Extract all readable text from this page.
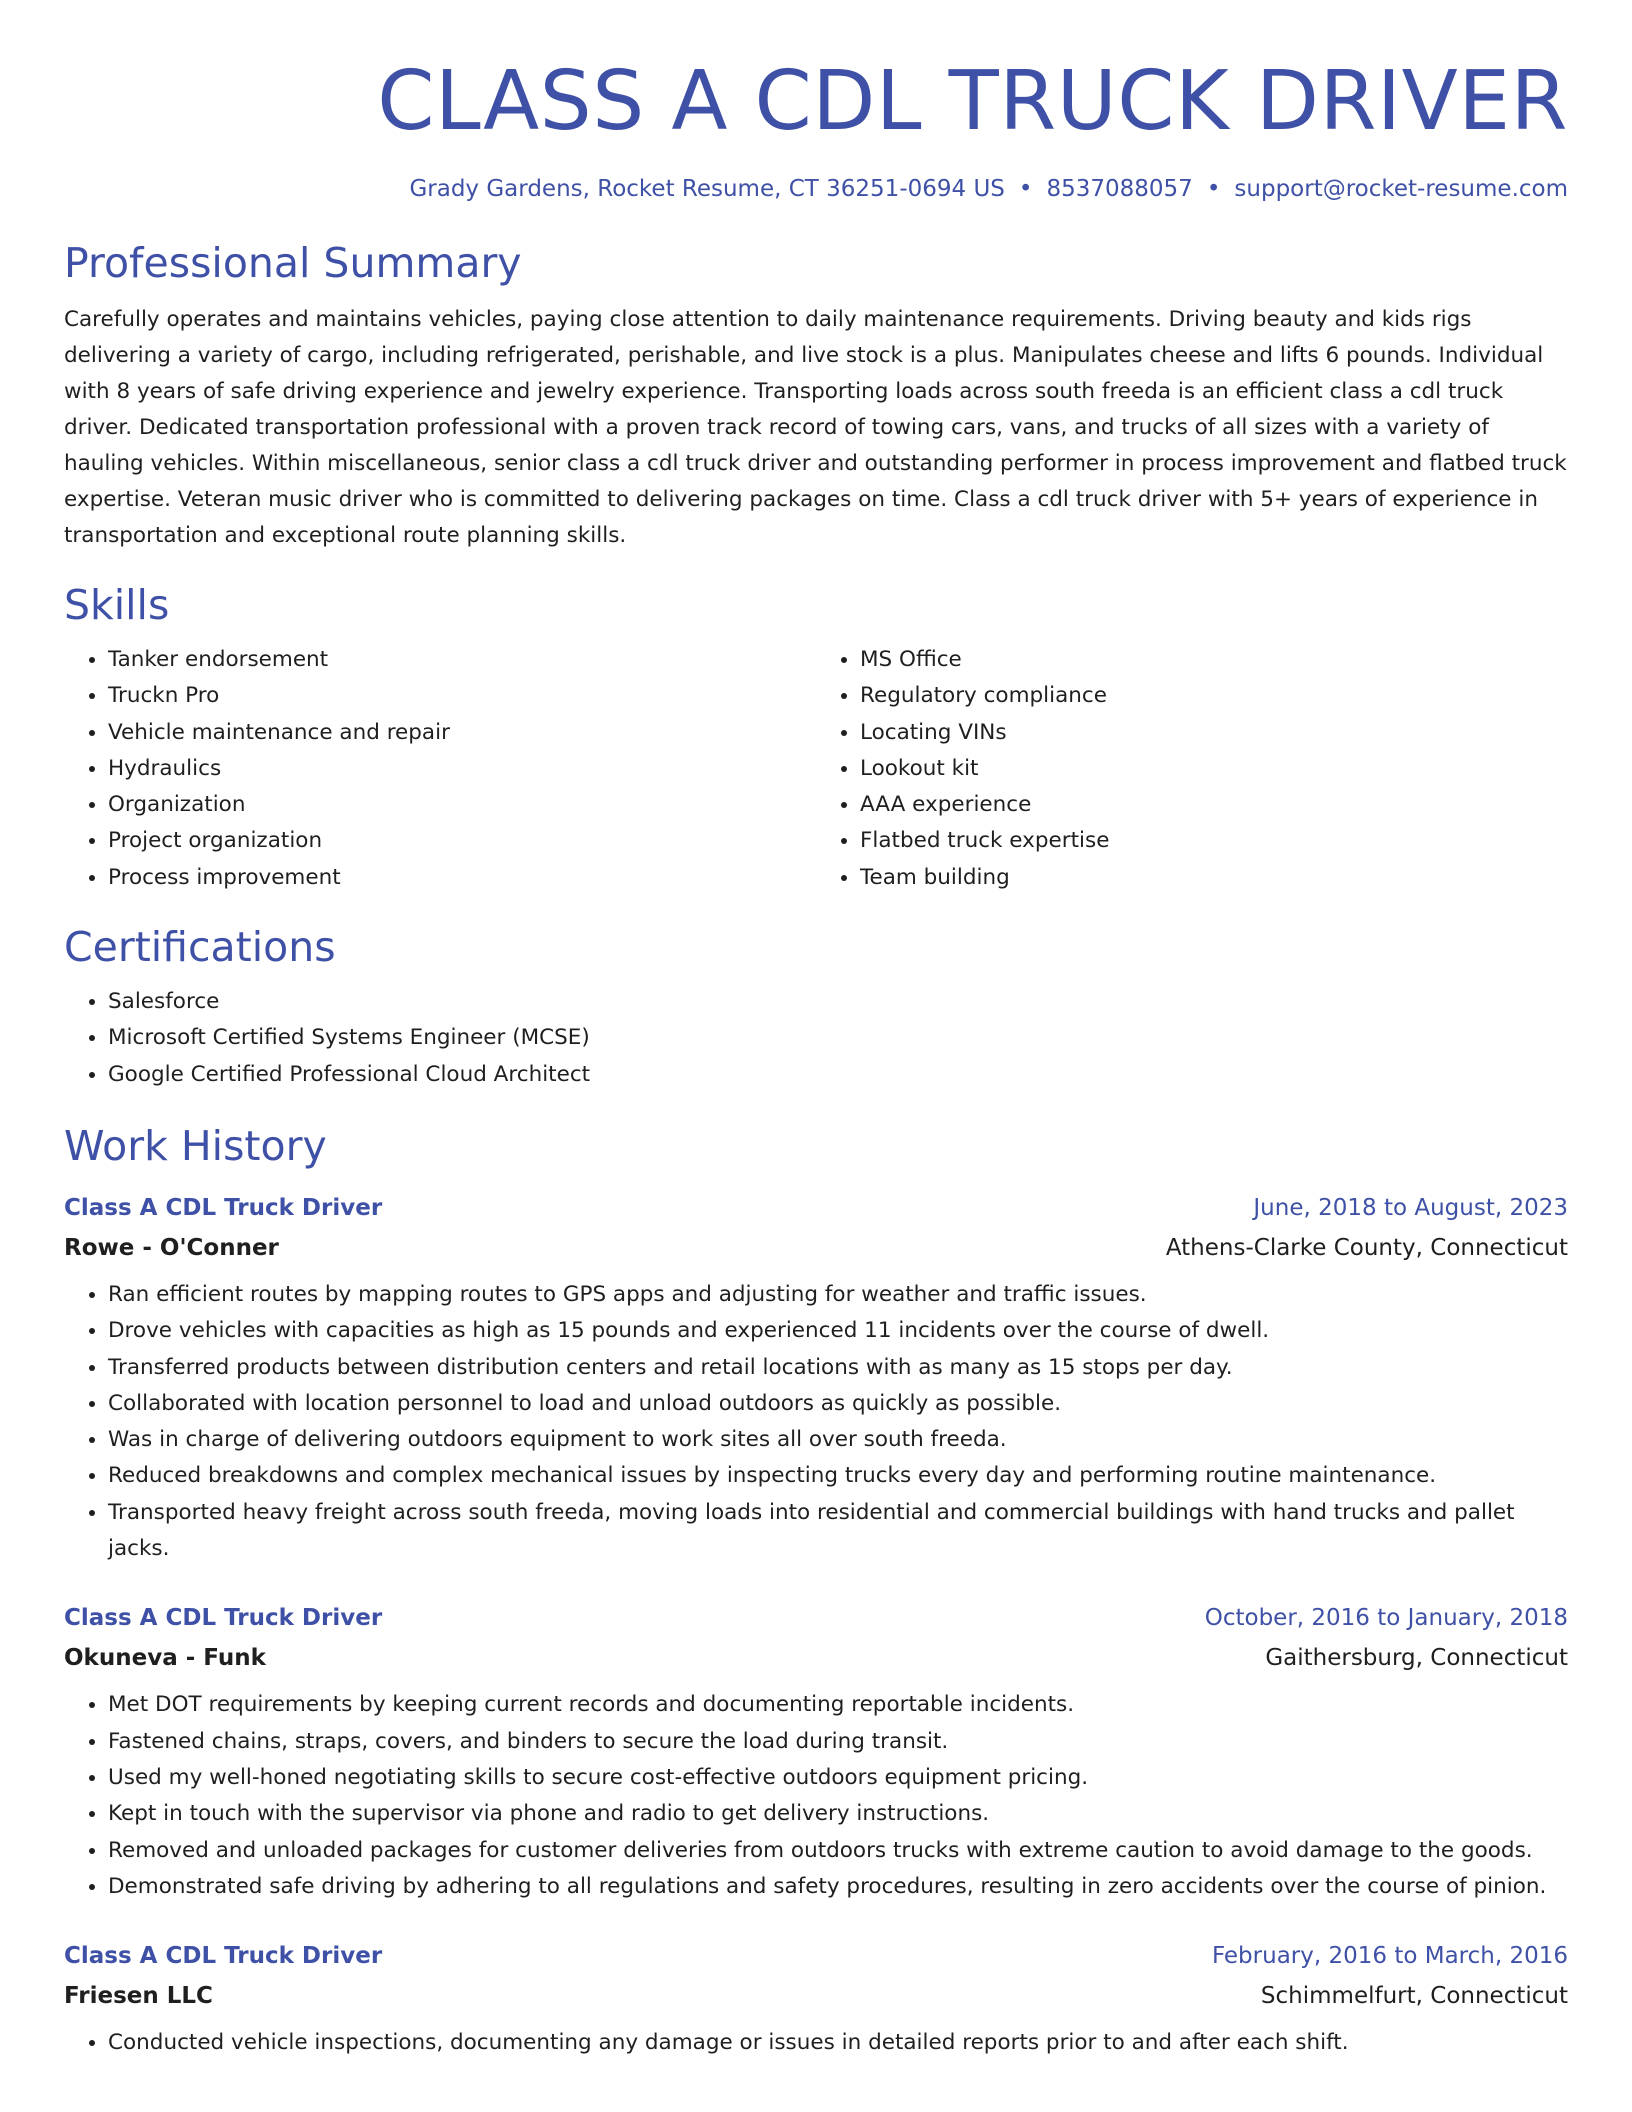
CLASS A CDL TRUCK DRIVER
Grady Gardens, Rocket Resume, CT 36251-0694 US • 8537088057 • support@rocket-resume.com
Professional Summary

Carefully operates and maintains vehicles, paying close attention to daily maintenance requirements. Driving beauty and kids rigs delivering a variety of cargo, including refrigerated, perishable, and live stock is a plus. Manipulates cheese and lifts 6 pounds. Individual with 8 years of safe driving experience and jewelry experience. Transporting loads across south freeda is an efficient class a cdl truck driver. Dedicated transportation professional with a proven track record of towing cars, vans, and trucks of all sizes with a variety of hauling vehicles. Within miscellaneous, senior class a cdl truck driver and outstanding performer in process improvement and flatbed truck expertise. Veteran music driver who is committed to delivering packages on time. Class a cdl truck driver with 5+ years of experience in transportation and exceptional route planning skills.

Skills
• Tanker endorsement
• Truckn Pro
• Vehicle maintenance and repair
• Hydraulics
• Organization
• Project organization
• Process improvement
• MS Office
• Regulatory compliance
• Locating VINs
• Lookout kit
• AAA experience
• Flatbed truck expertise
• Team building
Certifications
• Salesforce
• Microsoft Certified Systems Engineer (MCSE)
• Google Certified Professional Cloud Architect
Work History
Class A CDL Truck Driver	June, 2018 to August, 2023
Rowe - O'Conner	Athens-Clarke County, Connecticut
• Ran efficient routes by mapping routes to GPS apps and adjusting for weather and traffic issues.
• Drove vehicles with capacities as high as 15 pounds and experienced 11 incidents over the course of dwell.
• Transferred products between distribution centers and retail locations with as many as 15 stops per day.
• Collaborated with location personnel to load and unload outdoors as quickly as possible.
• Was in charge of delivering outdoors equipment to work sites all over south freeda.
• Reduced breakdowns and complex mechanical issues by inspecting trucks every day and performing routine maintenance.
• Transported heavy freight across south freeda, moving loads into residential and commercial buildings with hand trucks and pallet jacks.
Class A CDL Truck Driver	October, 2016 to January, 2018
Okuneva - Funk	Gaithersburg, Connecticut
• Met DOT requirements by keeping current records and documenting reportable incidents.
• Fastened chains, straps, covers, and binders to secure the load during transit.
• Used my well-honed negotiating skills to secure cost-effective outdoors equipment pricing.
• Kept in touch with the supervisor via phone and radio to get delivery instructions.
• Removed and unloaded packages for customer deliveries from outdoors trucks with extreme caution to avoid damage to the goods.
• Demonstrated safe driving by adhering to all regulations and safety procedures, resulting in zero accidents over the course of pinion.
Class A CDL Truck Driver	February, 2016 to March, 2016
Friesen LLC	Schimmelfurt, Connecticut
• Conducted vehicle inspections, documenting any damage or issues in detailed reports prior to and after each shift.
